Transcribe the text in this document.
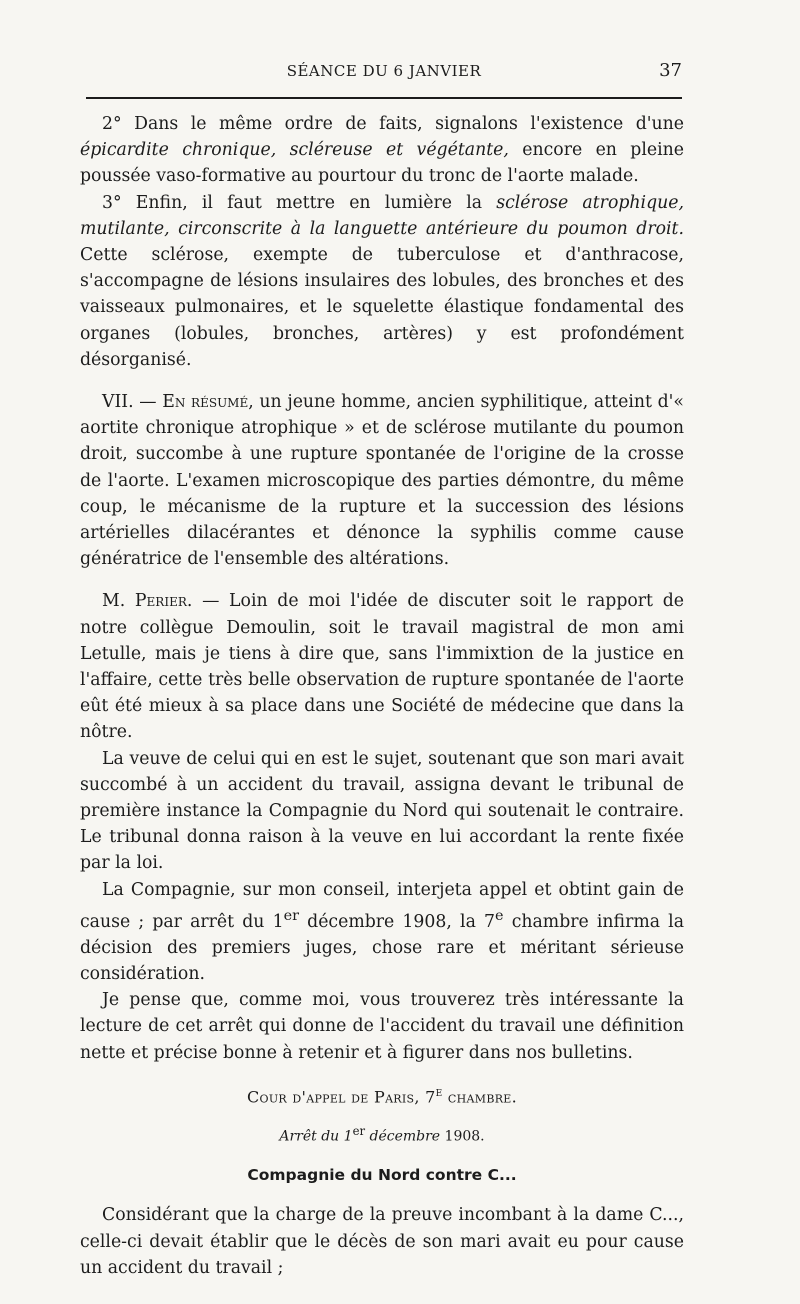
SÉANCE DU 6 JANVIER	37

2° Dans le même ordre de faits, signalons l'existence d'une épicardite chronique, scléreuse et végétante, encore en pleine poussée vaso-formative au pourtour du tronc de l'aorte malade.

3° Enfin, il faut mettre en lumière la sclérose atrophique, mutilante, circonscrite à la languette antérieure du poumon droit. Cette sclérose, exempte de tuberculose et d'anthracose, s'accompagne de lésions insulaires des lobules, des bronches et des vaisseaux pulmonaires, et le squelette élastique fondamental des organes (lobules, bronches, artères) y est profondément désorganisé.

VII. — En résumé, un jeune homme, ancien syphilitique, atteint d'« aortite chronique atrophique » et de sclérose mutilante du poumon droit, succombe à une rupture spontanée de l'origine de la crosse de l'aorte. L'examen microscopique des parties démontre, du même coup, le mécanisme de la rupture et la succession des lésions artérielles dilacérantes et dénonce la syphilis comme cause génératrice de l'ensemble des altérations.

M. Perier. — Loin de moi l'idée de discuter soit le rapport de notre collègue Demoulin, soit le travail magistral de mon ami Letulle, mais je tiens à dire que, sans l'immixtion de la justice en l'affaire, cette très belle observation de rupture spontanée de l'aorte eût été mieux à sa place dans une Société de médecine que dans la nôtre.

La veuve de celui qui en est le sujet, soutenant que son mari avait succombé à un accident du travail, assigna devant le tribunal de première instance la Compagnie du Nord qui soutenait le contraire. Le tribunal donna raison à la veuve en lui accordant la rente fixée par la loi.

La Compagnie, sur mon conseil, interjeta appel et obtint gain de cause ; par arrêt du 1er décembre 1908, la 7e chambre infirma la décision des premiers juges, chose rare et méritant sérieuse considération.

Je pense que, comme moi, vous trouverez très intéressante la lecture de cet arrêt qui donne de l'accident du travail une définition nette et précise bonne à retenir et à figurer dans nos bulletins.

Cour d'appel de Paris, 7e chambre.

Arrêt du 1er décembre 1908.

Compagnie du Nord contre C...

Considérant que la charge de la preuve incombant à la dame C..., celle-ci devait établir que le décès de son mari avait eu pour cause un accident du travail ;
